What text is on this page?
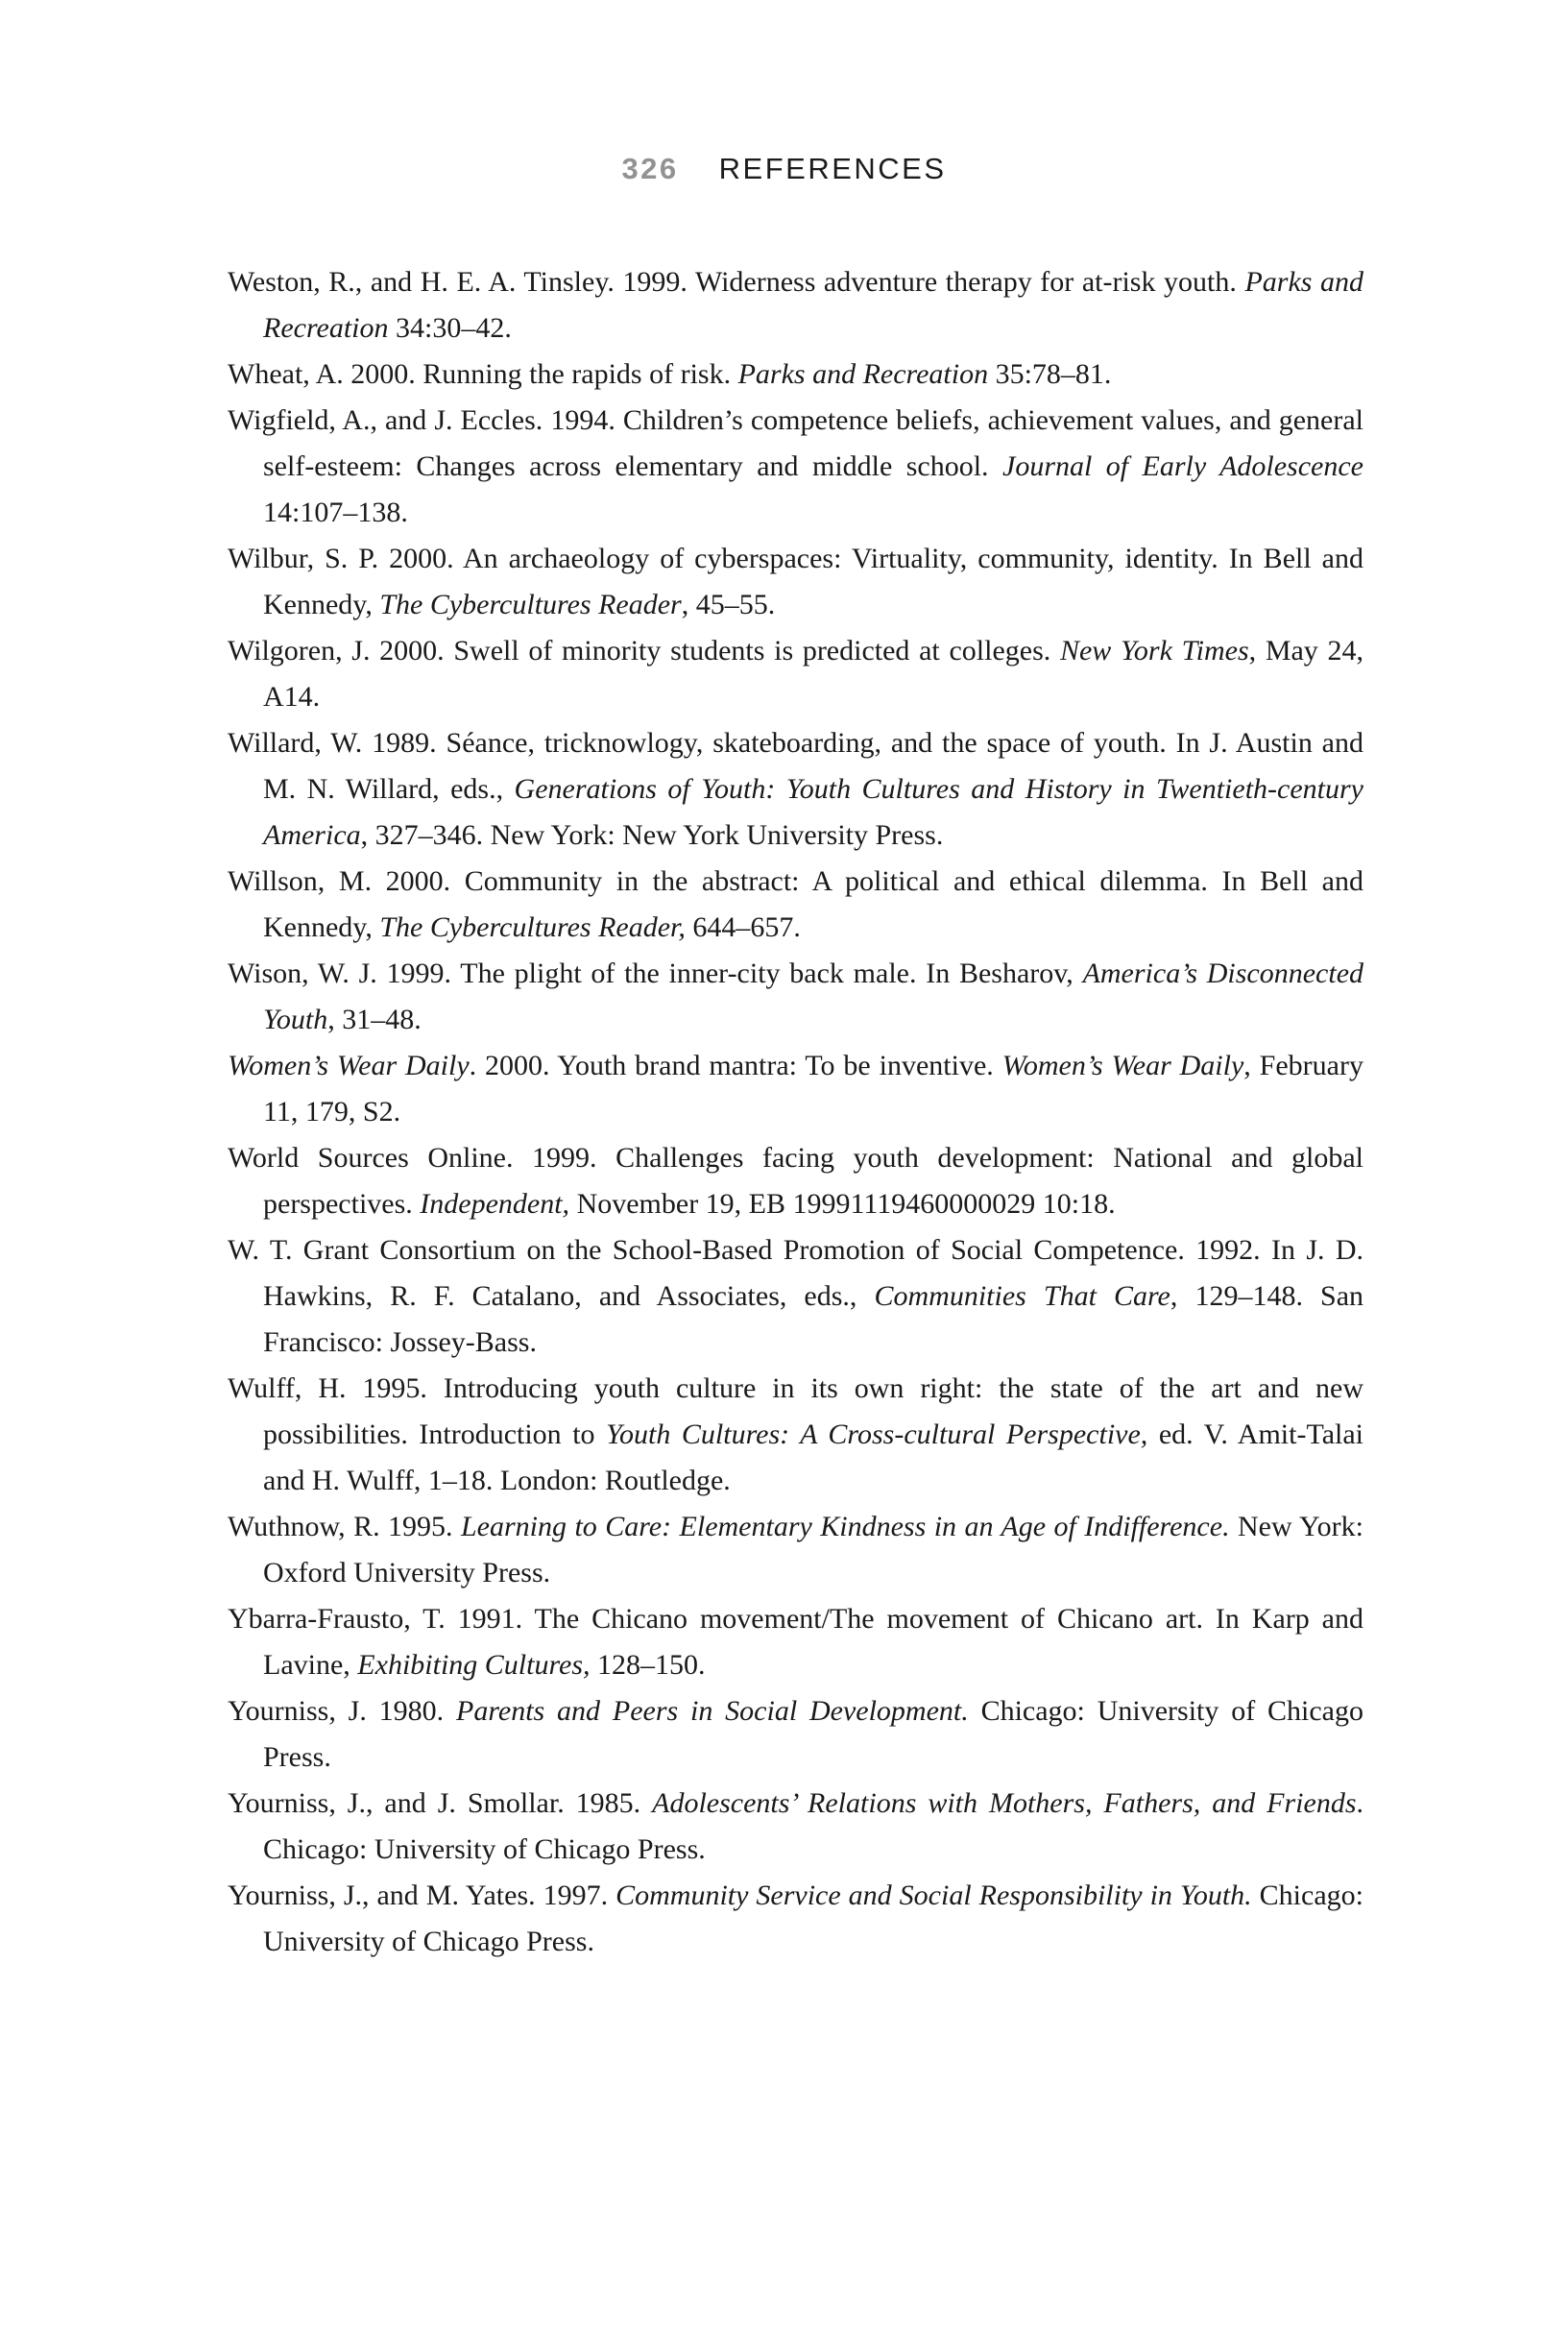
326 REFERENCES

Weston, R., and H. E. A. Tinsley. 1999. Widerness adventure therapy for at-risk youth. Parks and Recreation 34:30–42.

Wheat, A. 2000. Running the rapids of risk. Parks and Recreation 35:78–81.

Wigfield, A., and J. Eccles. 1994. Children’s competence beliefs, achievement values, and general self-esteem: Changes across elementary and middle school. Journal of Early Adolescence 14:107–138.

Wilbur, S. P. 2000. An archaeology of cyberspaces: Virtuality, community, identity. In Bell and Kennedy, The Cybercultures Reader, 45–55.

Wilgoren, J. 2000. Swell of minority students is predicted at colleges. New York Times, May 24, A14.

Willard, W. 1989. Séance, tricknowlogy, skateboarding, and the space of youth. In J. Austin and M. N. Willard, eds., Generations of Youth: Youth Cultures and History in Twentieth-century America, 327–346. New York: New York University Press.

Willson, M. 2000. Community in the abstract: A political and ethical dilemma. In Bell and Kennedy, The Cybercultures Reader, 644–657.

Wison, W. J. 1999. The plight of the inner-city back male. In Besharov, America’s Disconnected Youth, 31–48.

Women’s Wear Daily. 2000. Youth brand mantra: To be inventive. Women’s Wear Daily, February 11, 179, S2.

World Sources Online. 1999. Challenges facing youth development: National and global perspectives. Independent, November 19, EB 19991119460000029 10:18.

W. T. Grant Consortium on the School-Based Promotion of Social Competence. 1992. In J. D. Hawkins, R. F. Catalano, and Associates, eds., Communities That Care, 129–148. San Francisco: Jossey-Bass.

Wulff, H. 1995. Introducing youth culture in its own right: the state of the art and new possibilities. Introduction to Youth Cultures: A Cross-cultural Perspective, ed. V. Amit-Talai and H. Wulff, 1–18. London: Routledge.

Wuthnow, R. 1995. Learning to Care: Elementary Kindness in an Age of Indifference. New York: Oxford University Press.

Ybarra-Frausto, T. 1991. The Chicano movement/The movement of Chicano art. In Karp and Lavine, Exhibiting Cultures, 128–150.

Yourniss, J. 1980. Parents and Peers in Social Development. Chicago: University of Chicago Press.

Yourniss, J., and J. Smollar. 1985. Adolescents’ Relations with Mothers, Fathers, and Friends. Chicago: University of Chicago Press.

Yourniss, J., and M. Yates. 1997. Community Service and Social Responsibility in Youth. Chicago: University of Chicago Press.
